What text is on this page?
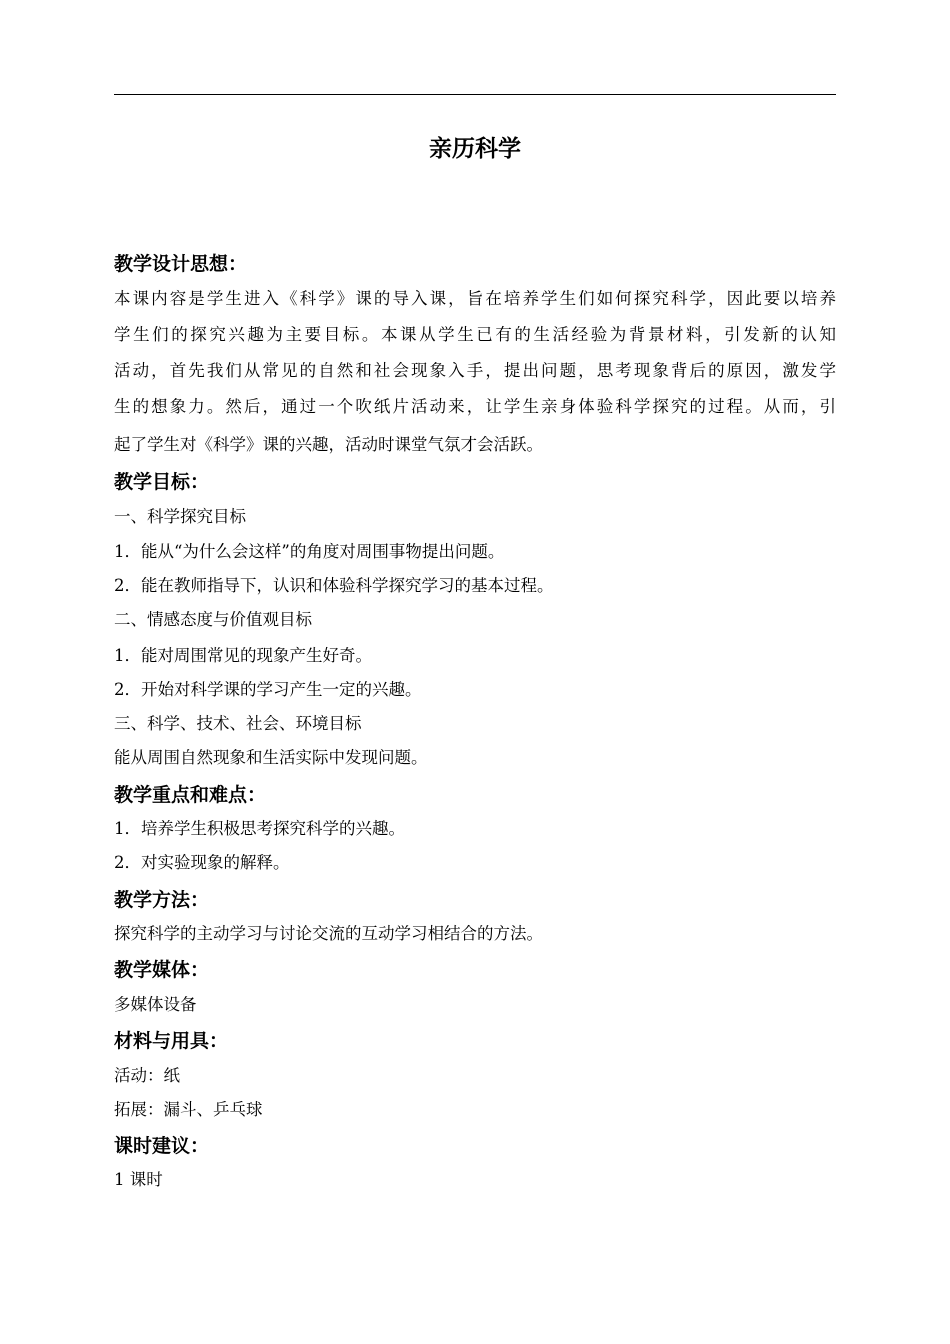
亲历科学
教学设计思想：
本课内容是学生进入《科学》课的导入课，旨在培养学生们如何探究科学，因此要以培养
学生们的探究兴趣为主要目标。本课从学生已有的生活经验为背景材料，引发新的认知
活动，首先我们从常见的自然和社会现象入手，提出问题，思考现象背后的原因，激发学
生的想象力。然后，通过一个吹纸片活动来，让学生亲身体验科学探究的过程。从而，引
起了学生对《科学》课的兴趣，活动时课堂气氛才会活跃。
教学目标：
一、科学探究目标
1．能从“为什么会这样”的角度对周围事物提出问题。
2．能在教师指导下，认识和体验科学探究学习的基本过程。
二、情感态度与价值观目标
1．能对周围常见的现象产生好奇。
2．开始对科学课的学习产生一定的兴趣。
三、科学、技术、社会、环境目标
能从周围自然现象和生活实际中发现问题。
教学重点和难点：
1．培养学生积极思考探究科学的兴趣。
2．对实验现象的解释。
教学方法：
探究科学的主动学习与讨论交流的互动学习相结合的方法。
教学媒体：
多媒体设备
材料与用具：
活动：纸
拓展：漏斗、乒乓球
课时建议：
1 课时
